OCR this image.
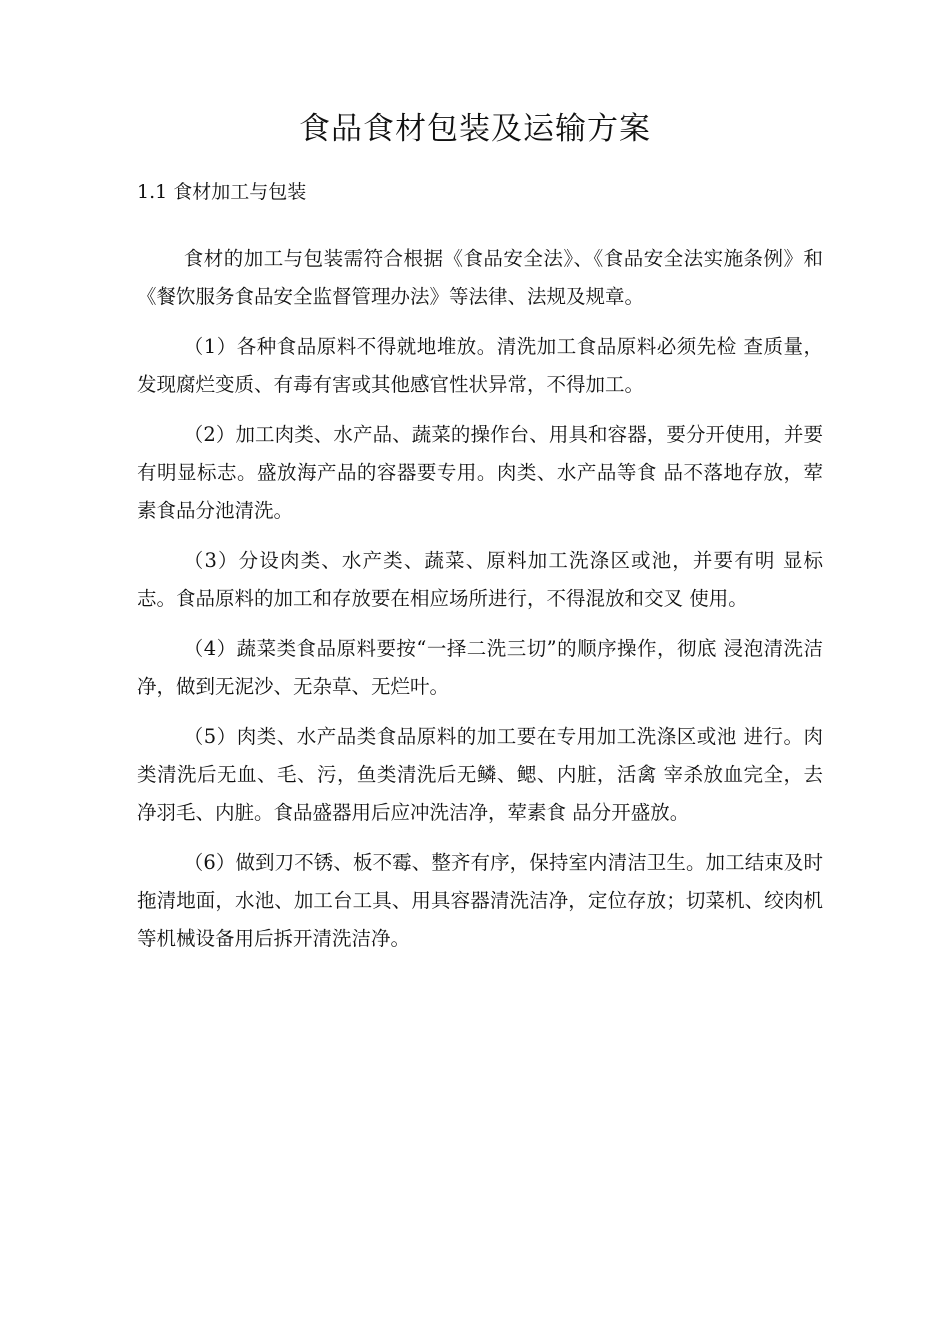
食品食材包装及运输方案
1.1 食材加工与包装

食材的加工与包装需符合根据《食品安全法》、《食品安全法实施条例》和《餐饮服务食品安全监督管理办法》等法律、法规及规章。

（1）各种食品原料不得就地堆放。清洗加工食品原料必须先检 查质量，发现腐烂变质、有毒有害或其他感官性状异常，不得加工。

（2）加工肉类、水产品、蔬菜的操作台、用具和容器，要分开使用，并要有明显标志。盛放海产品的容器要专用。肉类、水产品等食 品不落地存放，荤素食品分池清洗。

（3）分设肉类、水产类、蔬菜、原料加工洗涤区或池，并要有明 显标志。食品原料的加工和存放要在相应场所进行，不得混放和交叉 使用。

（4）蔬菜类食品原料要按“一择二洗三切”的顺序操作，彻底 浸泡清洗洁净，做到无泥沙、无杂草、无烂叶。

（5）肉类、水产品类食品原料的加工要在专用加工洗涤区或池 进行。肉类清洗后无血、毛、污，鱼类清洗后无鳞、鳃、内脏，活禽 宰杀放血完全，去净羽毛、内脏。食品盛器用后应冲洗洁净，荤素食 品分开盛放。

（6）做到刀不锈、板不霉、整齐有序，保持室内清洁卫生。加工结束及时拖清地面，水池、加工台工具、用具容器清洗洁净，定位存放；切菜机、绞肉机等机械设备用后拆开清洗洁净。
